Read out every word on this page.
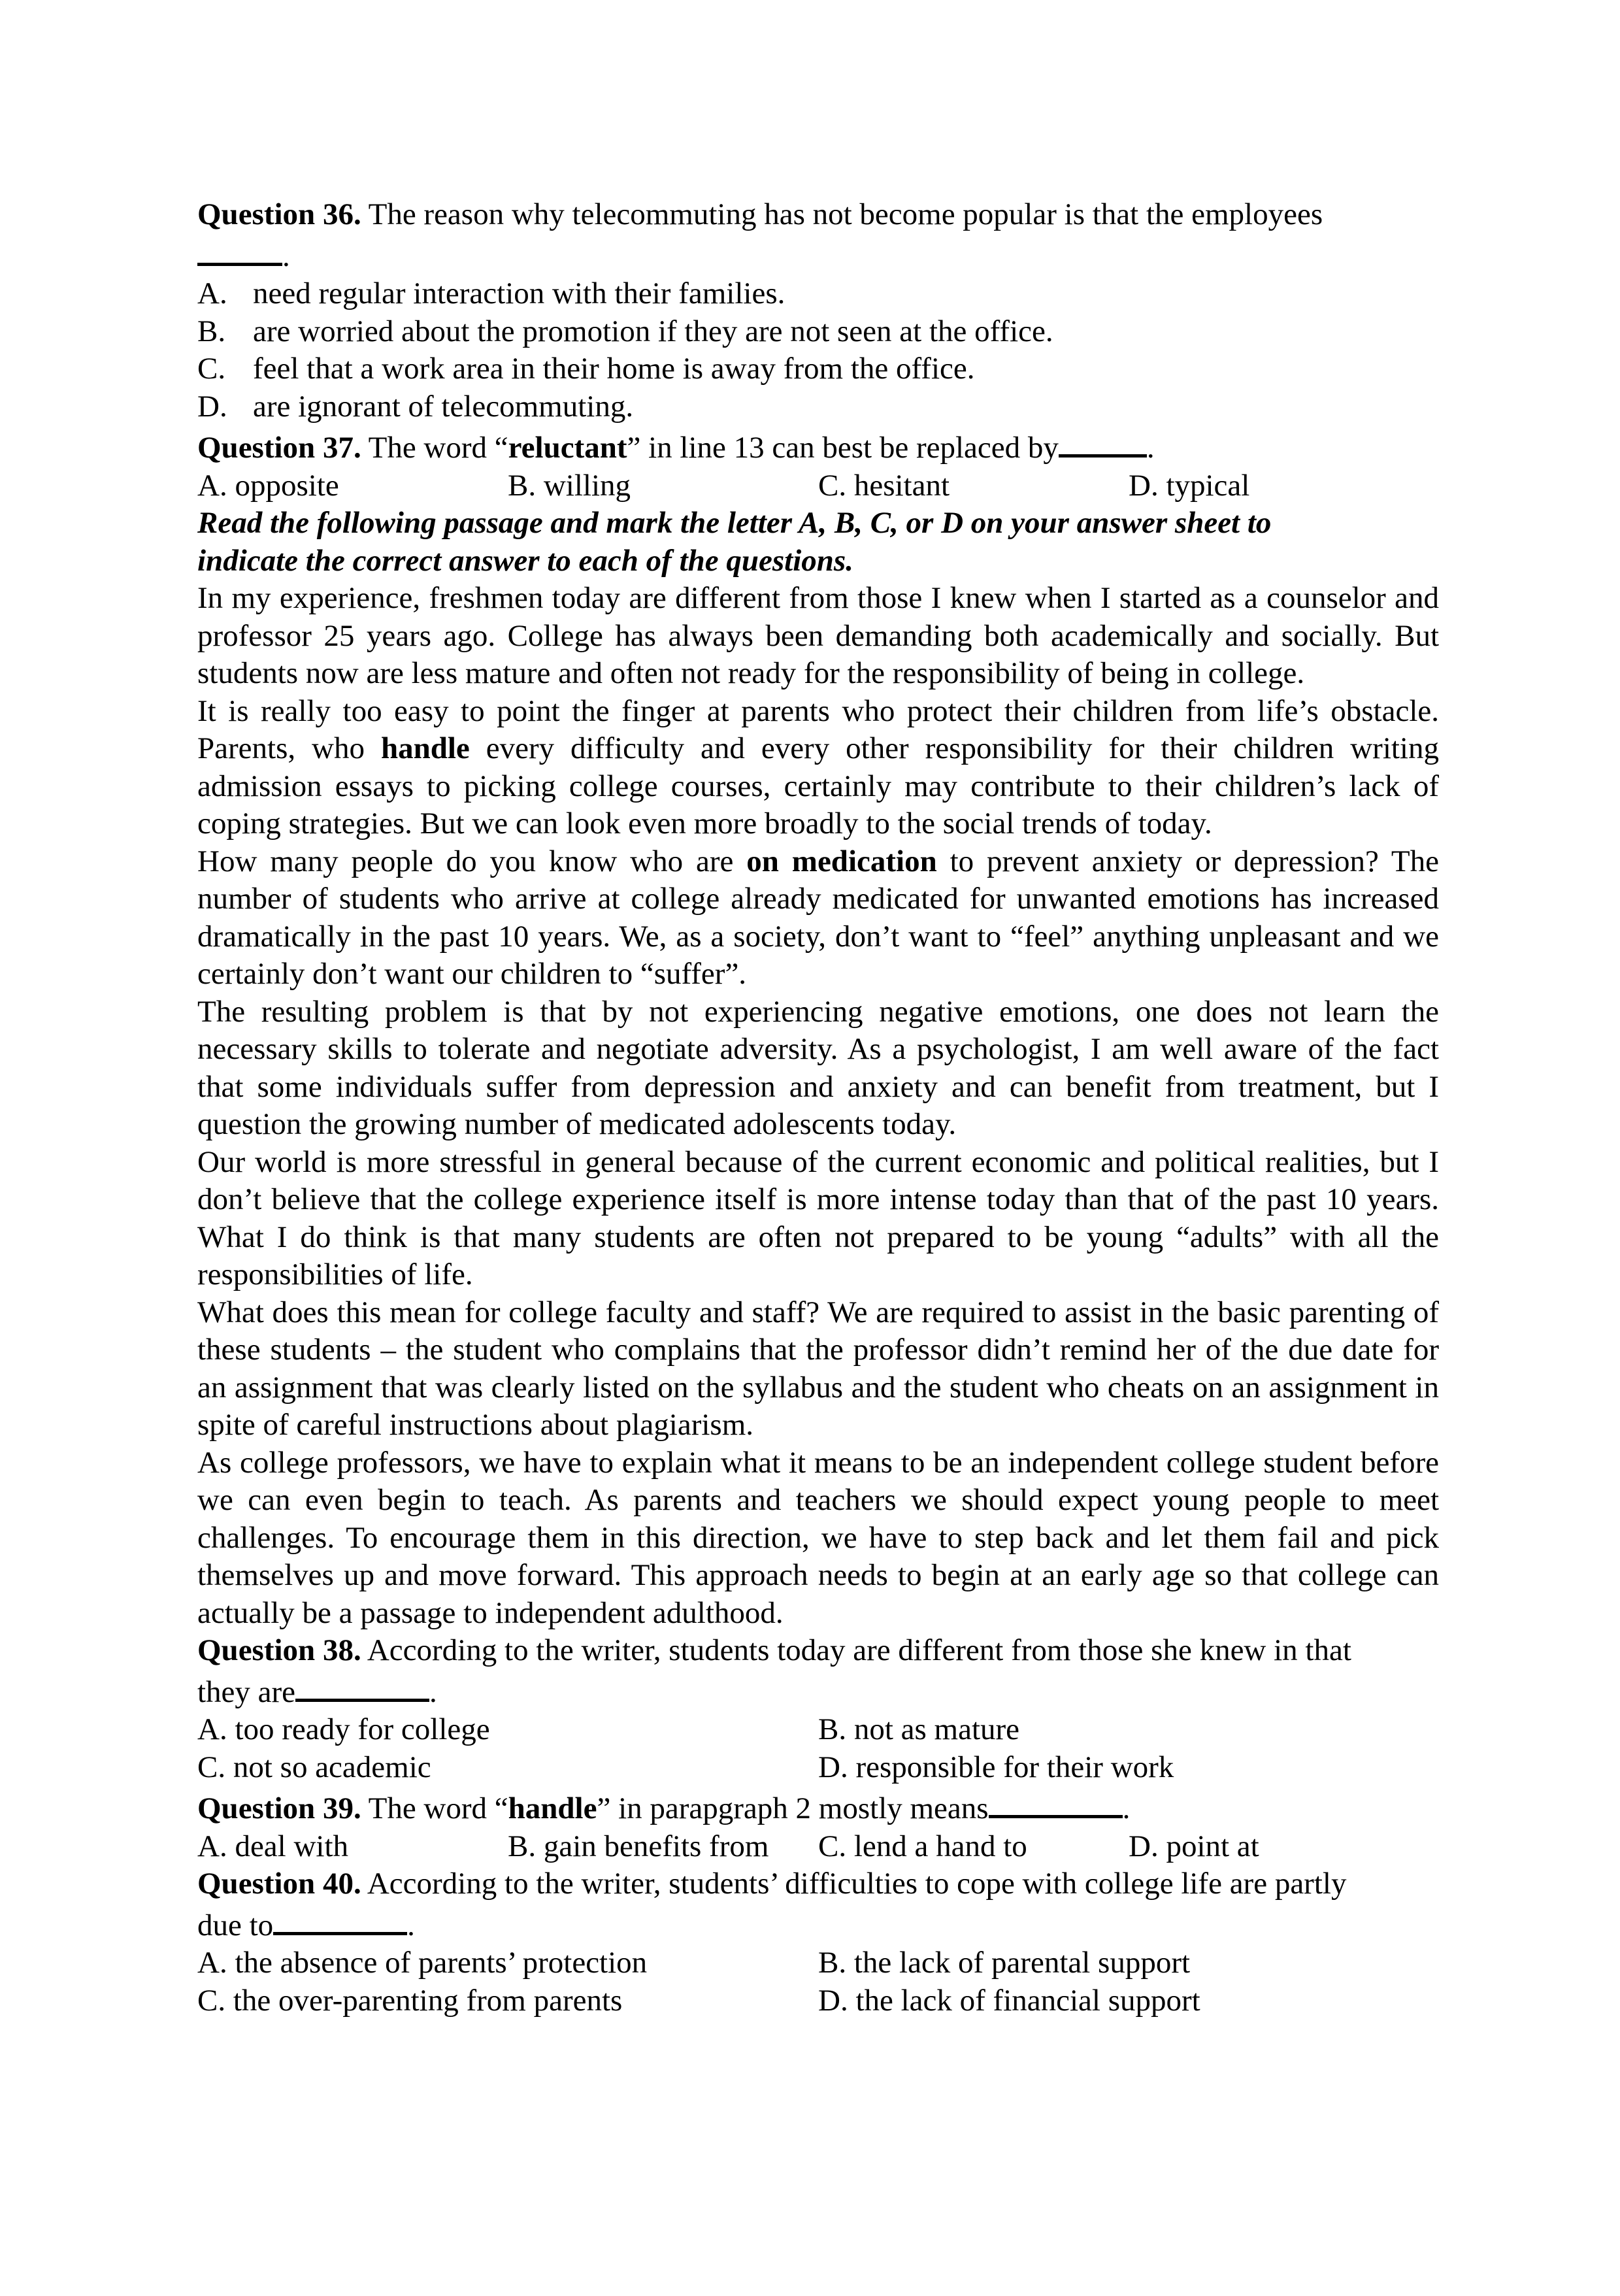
Question 36. The reason why telecommuting has not become popular is that the employees
.
A. need regular interaction with their families.
B. are worried about the promotion if they are not seen at the office.
C. feel that a work area in their home is away from the office.
D. are ignorant of telecommuting.
Question 37. The word “reluctant” in line 13 can best be replaced by	.
A. opposite	B. willing	C. hesitant	D. typical
Read the following passage and mark the letter A, B, C, or D on your answer sheet to
indicate the correct answer to each of the questions.
In my experience, freshmen today are different from those I knew when I started as a counselor and professor 25 years ago. College has always been demanding both academically and socially. But students now are less mature and often not ready for the responsibility of being in college.
It is really too easy to point the finger at parents who protect their children from life’s obstacle. Parents, who handle every difficulty and every other responsibility for their children writing admission essays to picking college courses, certainly may contribute to their children’s lack of coping strategies. But we can look even more broadly to the social trends of today.
How many people do you know who are on medication to prevent anxiety or depression? The number of students who arrive at college already medicated for unwanted emotions has increased dramatically in the past 10 years. We, as a society, don’t want to “feel” anything unpleasant and we certainly don’t want our children to “suffer”.
The resulting problem is that by not experiencing negative emotions, one does not learn the necessary skills to tolerate and negotiate adversity. As a psychologist, I am well aware of the fact that some individuals suffer from depression and anxiety and can benefit from treatment, but I question the growing number of medicated adolescents today.
Our world is more stressful in general because of the current economic and political realities, but I don’t believe that the college experience itself is more intense today than that of the past 10 years. What I do think is that many students are often not prepared to be young “adults” with all the responsibilities of life.
What does this mean for college faculty and staff? We are required to assist in the basic parenting of these students – the student who complains that the professor didn’t remind her of the due date for an assignment that was clearly listed on the syllabus and the student who cheats on an assignment in spite of careful instructions about plagiarism.
As college professors, we have to explain what it means to be an independent college student before we can even begin to teach. As parents and teachers we should expect young people to meet challenges. To encourage them in this direction, we have to step back and let them fail and pick themselves up and move forward. This approach needs to begin at an early age so that college can actually be a passage to independent adulthood.
Question 38. According to the writer, students today are different from those she knew in that
they are	.
A. too ready for college	B. not as mature
C. not so academic	D. responsible for their work
Question 39. The word “handle” in parapgraph 2 mostly means	.
A. deal with	B. gain benefits from	C. lend a hand to	D. point at
Question 40. According to the writer, students’ difficulties to cope with college life are partly
due to	.
A. the absence of parents’ protection	B. the lack of parental support
C. the over-parenting from parents	D. the lack of financial support
